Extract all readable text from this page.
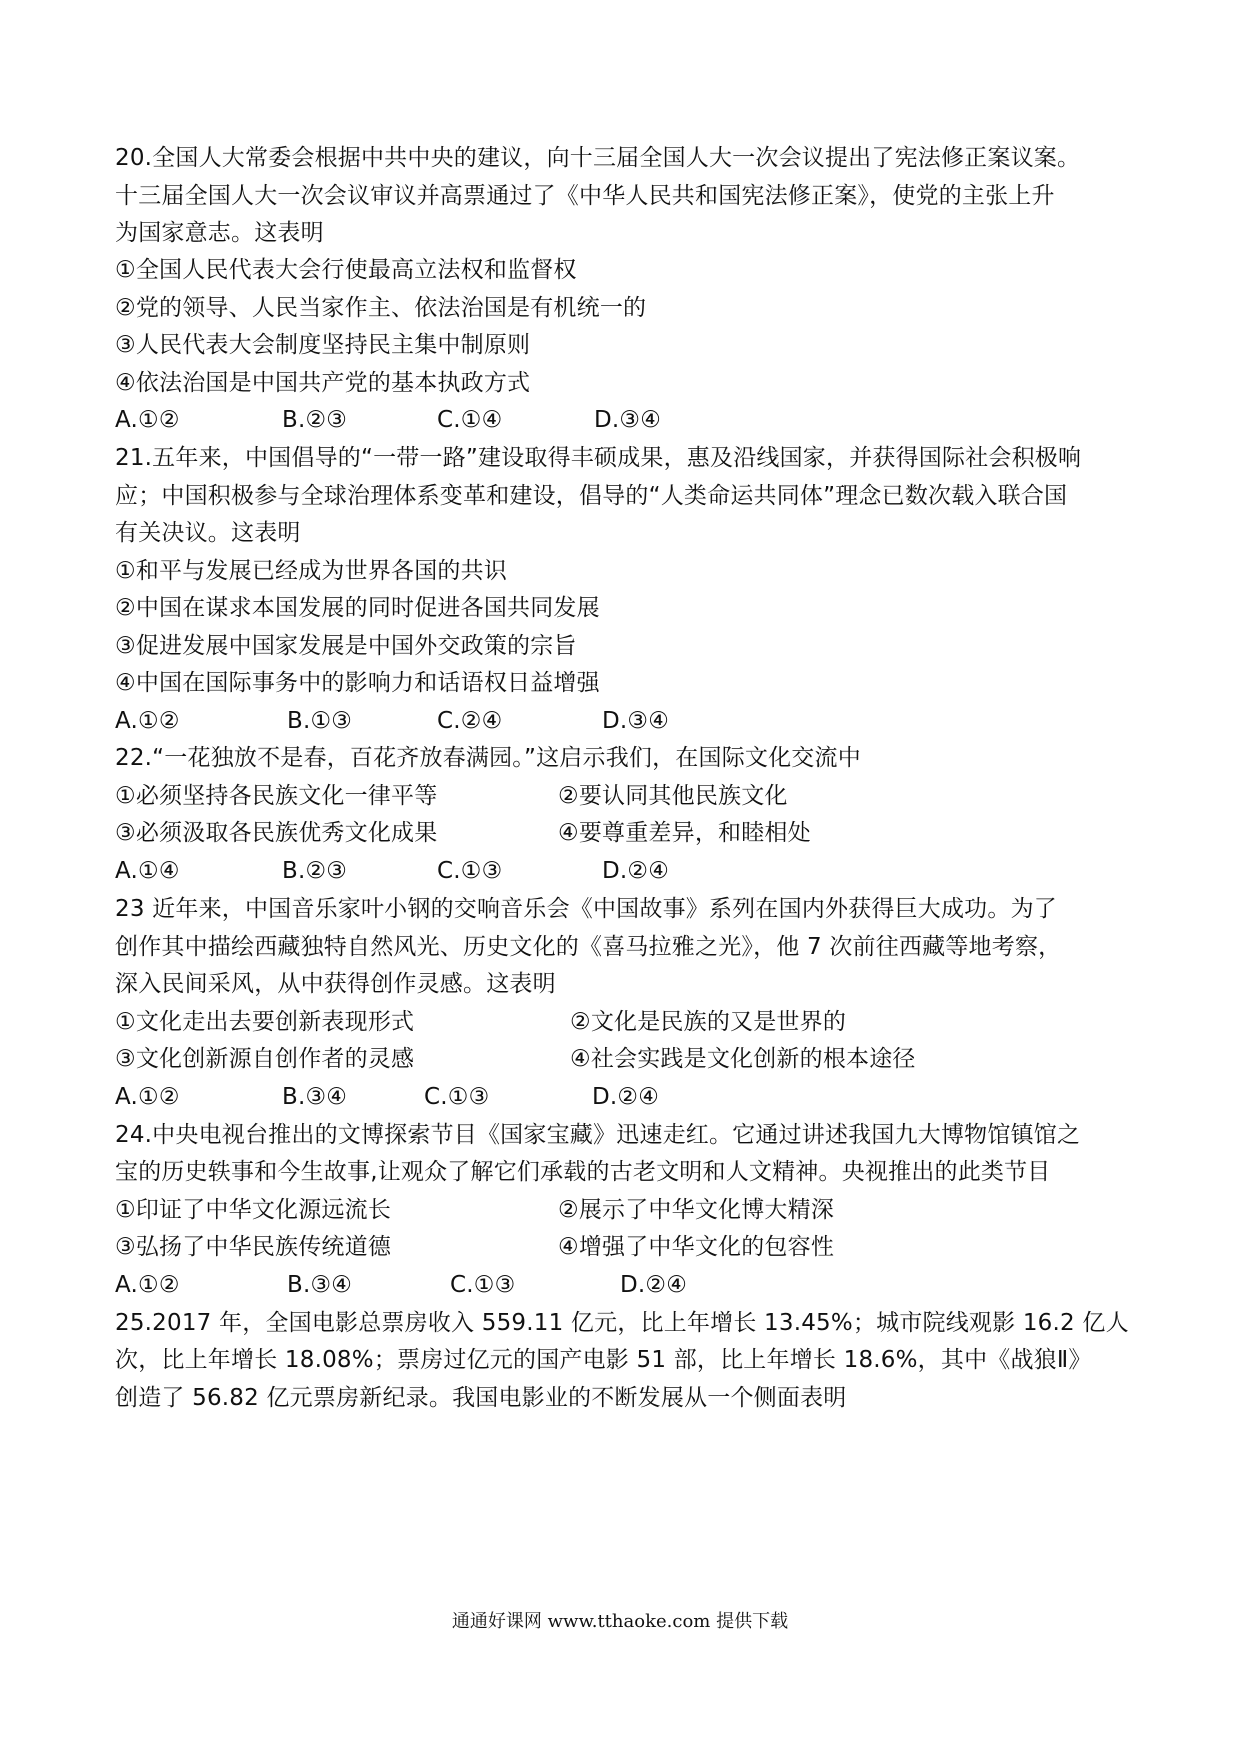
20.全国人大常委会根据中共中央的建议，向十三届全国人大一次会议提出了宪法修正案议案。
十三届全国人大一次会议审议并高票通过了《中华人民共和国宪法修正案》，使党的主张上升
为国家意志。这表明
①全国人民代表大会行使最高立法权和监督权
②党的领导、人民当家作主、依法治国是有机统一的
③人民代表大会制度坚持民主集中制原则
④依法治国是中国共产党的基本执政方式
A.①②	B.②③	C.①④	D.③④
21.五年来，中国倡导的“一带一路”建设取得丰硕成果，惠及沿线国家，并获得国际社会积极响
应；中国积极参与全球治理体系变革和建设，倡导的“人类命运共同体”理念已数次载入联合国
有关决议。这表明
①和平与发展已经成为世界各国的共识
②中国在谋求本国发展的同时促进各国共同发展
③促进发展中国家发展是中国外交政策的宗旨
④中国在国际事务中的影响力和话语权日益增强
A.①②	B.①③	C.②④	D.③④
22.“一花独放不是春，百花齐放春满园。”这启示我们，在国际文化交流中
①必须坚持各民族文化一律平等	②要认同其他民族文化
③必须汲取各民族优秀文化成果	④要尊重差异，和睦相处
A.①④	B.②③	C.①③	D.②④
23 近年来，中国音乐家叶小钢的交响音乐会《中国故事》系列在国内外获得巨大成功。为了
创作其中描绘西藏独特自然风光、历史文化的《喜马拉雅之光》，他 7 次前往西藏等地考察，
深入民间采风，从中获得创作灵感。这表明
①文化走出去要创新表现形式	②文化是民族的又是世界的
③文化创新源自创作者的灵感	④社会实践是文化创新的根本途径
A.①②	B.③④	C.①③	D.②④
24.中央电视台推出的文博探索节目《国家宝藏》迅速走红。它通过讲述我国九大博物馆镇馆之
宝的历史轶事和今生故事,让观众了解它们承载的古老文明和人文精神。央视推出的此类节目
①印证了中华文化源远流长	②展示了中华文化博大精深
③弘扬了中华民族传统道德	④增强了中华文化的包容性
A.①②	B.③④	C.①③	D.②④
25.2017 年，全国电影总票房收入 559.11 亿元，比上年增长 13.45%；城市院线观影 16.2 亿人
次，比上年增长 18.08%；票房过亿元的国产电影 51 部，比上年增长 18.6%，其中《战狼Ⅱ》
创造了 56.82 亿元票房新纪录。我国电影业的不断发展从一个侧面表明
通通好课网 www.tthaoke.com 提供下载
